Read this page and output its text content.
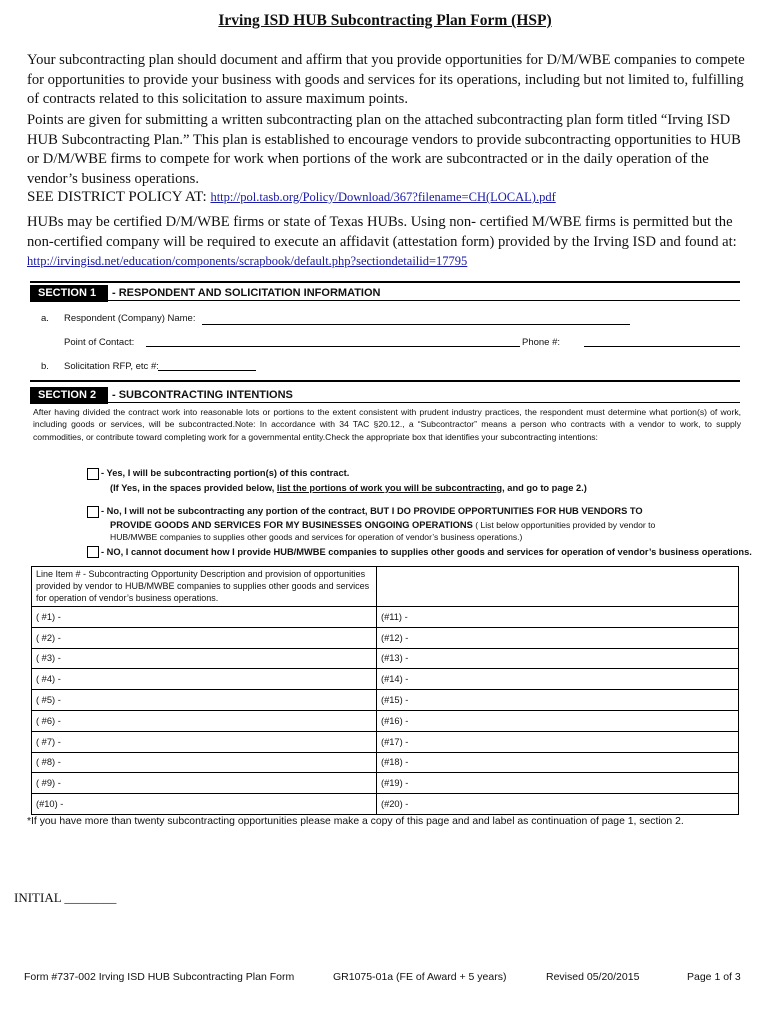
Irving ISD HUB Subcontracting Plan Form (HSP)
Your subcontracting plan should document and affirm that you provide opportunities for D/M/WBE companies to compete for opportunities to provide your business with goods and services for its operations, including but not limited to, fulfilling of contracts related to this solicitation to assure maximum points.
Points are given for submitting a written subcontracting plan on the attached subcontracting plan form titled “Irving ISD HUB Subcontracting Plan.” This plan is established to encourage vendors to provide subcontracting opportunities to HUB or D/M/WBE firms to compete for work when portions of the work are subcontracted or in the daily operation of the vendor’s business operations.
SEE DISTRICT POLICY AT: http://pol.tasb.org/Policy/Download/367?filename=CH(LOCAL).pdf
HUBs may be certified D/M/WBE firms or state of Texas HUBs. Using non- certified M/WBE firms is permitted but the non-certified company will be required to execute an affidavit (attestation form) provided by the Irving ISD and found at: http://irvingisd.net/education/components/scrapbook/default.php?sectiondetailid=17795
SECTION 1	- RESPONDENT AND SOLICITATION INFORMATION
a. Respondent (Company) Name:
Point of Contact:	Phone #:
b. Solicitation RFP, etc #:
SECTION 2	- SUBCONTRACTING INTENTIONS
After having divided the contract work into reasonable lots or portions to the extent consistent with prudent industry practices, the respondent must determine what portion(s) of work, including goods or services, will be subcontracted.Note: In accordance with 34 TAC §20.12., a “Subcontractor” means a person who contracts with a vendor to work, to supply commodities, or contribute toward completing work for a governmental entity.Check the appropriate box that identifies your subcontracting intentions:
- Yes, I will be subcontracting portion(s) of this contract.
(If Yes, in the spaces provided below, list the portions of work you will be subcontracting, and go to page 2.)
- No, I will not be subcontracting any portion of the contract, BUT I DO PROVIDE OPPORTUNITIES FOR HUB VENDORS TO
PROVIDE GOODS AND SERVICES FOR MY BUSINESSES ONGOING OPERATIONS ( List below opportunities provided by vendor to
HUB/MWBE companies to supplies other goods and services for operation of vendor’s business operations.)
- NO, I cannot document how I provide HUB/MWBE companies to supplies other goods and services for operation of vendor’s business operations.
Line Item # - Subcontracting Opportunity Description and provision of opportunities provided by vendor to HUB/MWBE companies to supplies other goods and services for operation of vendor’s business operations.	
( #1) -	(#11) -
( #2) -	(#12) -
( #3) -	(#13) -
( #4) -	(#14) -
( #5) -	(#15) -
( #6) -	(#16) -
( #7) -	(#17) -
( #8) -	(#18) -
( #9) -	(#19) -
(#10) -	(#20) -
*If you have more than twenty subcontracting opportunities please make a copy of this page and and label as continuation of page 1, section 2.
INITIAL ________
Form #737-002 Irving ISD HUB Subcontracting Plan Form	GR1075-01a (FE of Award + 5 years)	Revised 05/20/2015	Page 1 of 3
